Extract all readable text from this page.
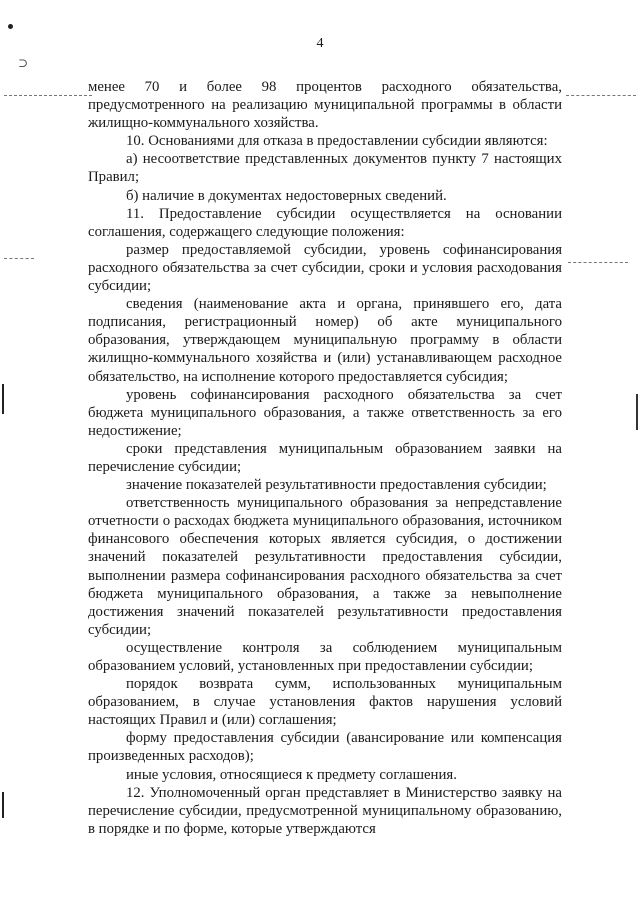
⊃
4

менее 70 и более 98 процентов расходного обязательства, предусмотренного на реализацию муниципальной программы в области жилищно-коммунального хозяйства.

10. Основаниями для отказа в предоставлении субсидии являются:

а) несоответствие представленных документов пункту 7 настоящих Правил;

б) наличие в документах недостоверных сведений.

11. Предоставление субсидии осуществляется на основании соглашения, содержащего следующие положения:

размер предоставляемой субсидии, уровень софинансирования расходного обязательства за счет субсидии, сроки и условия расходования субсидии;

сведения (наименование акта и органа, принявшего его, дата подписания, регистрационный номер) об акте муниципального образования, утверждающем муниципальную программу в области жилищно-коммунального хозяйства и (или) устанавливающем расходное обязательство, на исполнение которого предоставляется субсидия;

уровень софинансирования расходного обязательства за счет бюджета муниципального образования, а также ответственность за его недостижение;

сроки представления муниципальным образованием заявки на перечисление субсидии;

значение показателей результативности предоставления субсидии;

ответственность муниципального образования за непредставление отчетности о расходах бюджета муниципального образования, источником финансового обеспечения которых является субсидия, о достижении значений показателей результативности предоставления субсидии, выполнении размера софинансирования расходного обязательства за счет бюджета муниципального образования, а также за невыполнение достижения значений показателей результативности предоставления субсидии;

осуществление контроля за соблюдением муниципальным образованием условий, установленных при предоставлении субсидии;

порядок возврата сумм, использованных муниципальным образованием, в случае установления фактов нарушения условий настоящих Правил и (или) соглашения;

форму предоставления субсидии (авансирование или компенсация произведенных расходов);

иные условия, относящиеся к предмету соглашения.

12. Уполномоченный орган представляет в Министерство заявку на перечисление субсидии, предусмотренной муниципальному образованию, в порядке и по форме, которые утверждаются
